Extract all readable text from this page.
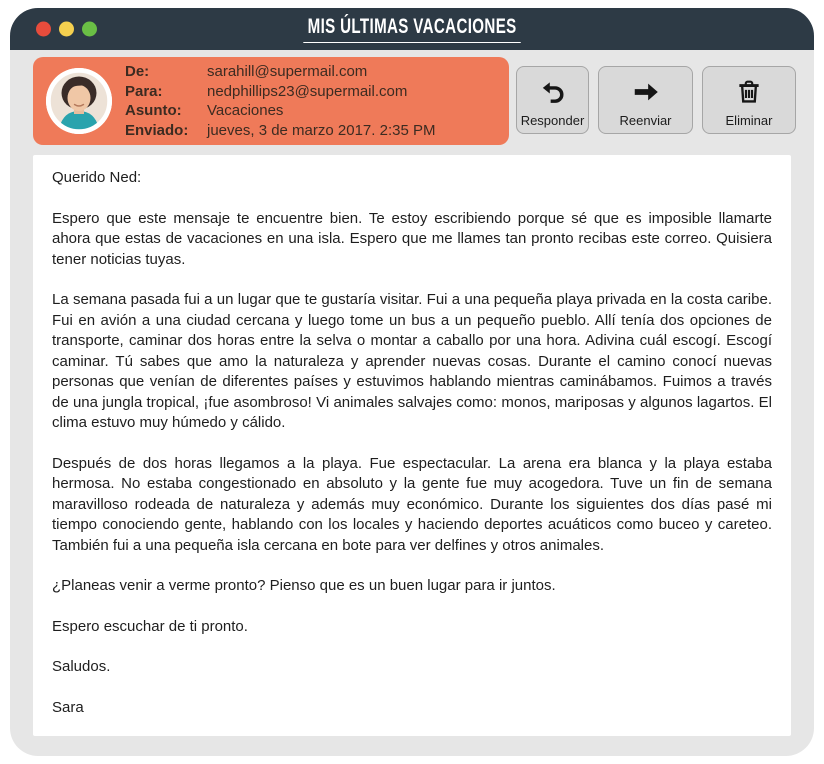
MIS ÚLTIMAS VACACIONES
De:	sarahill@supermail.com
Para:	nedphillips23@supermail.com
Asunto:	Vacaciones
Enviado:	jueves, 3 de marzo 2017. 2:35 PM
Responder	Reenviar	Eliminar

Querido Ned:

Espero que este mensaje te encuentre bien. Te estoy escribiendo porque sé que es imposible llamarte ahora que estas de vacaciones en una isla. Espero que me llames tan pronto recibas este correo. Quisiera tener noticias tuyas.

La semana pasada fui a un lugar que te gustaría visitar. Fui a una pequeña playa privada en la costa caribe. Fui en avión a una ciudad cercana y luego tome un bus a un pequeño pueblo. Allí tenía dos opciones de transporte, caminar dos horas entre la selva o montar a caballo por una hora. Adivina cuál escogí. Escogí caminar. Tú sabes que amo la naturaleza y aprender nuevas cosas. Durante el camino conocí nuevas personas que venían de diferentes países y estuvimos hablando mientras caminábamos. Fuimos a través de una jungla tropical, ¡fue asombroso! Vi animales salvajes como: monos, mariposas y algunos lagartos. El clima estuvo muy húmedo y cálido.

Después de dos horas llegamos a la playa. Fue espectacular. La arena era blanca y la playa estaba hermosa. No estaba congestionado en absoluto y la gente fue muy acogedora. Tuve un fin de semana maravilloso rodeada de naturaleza y además muy económico. Durante los siguientes dos días pasé mi tiempo conociendo gente, hablando con los locales y haciendo deportes acuáticos como buceo y careteo. También fui a una pequeña isla cercana en bote para ver delfines y otros animales.

¿Planeas venir a verme pronto? Pienso que es un buen lugar para ir juntos.

Espero escuchar de ti pronto.

Saludos.

Sara
